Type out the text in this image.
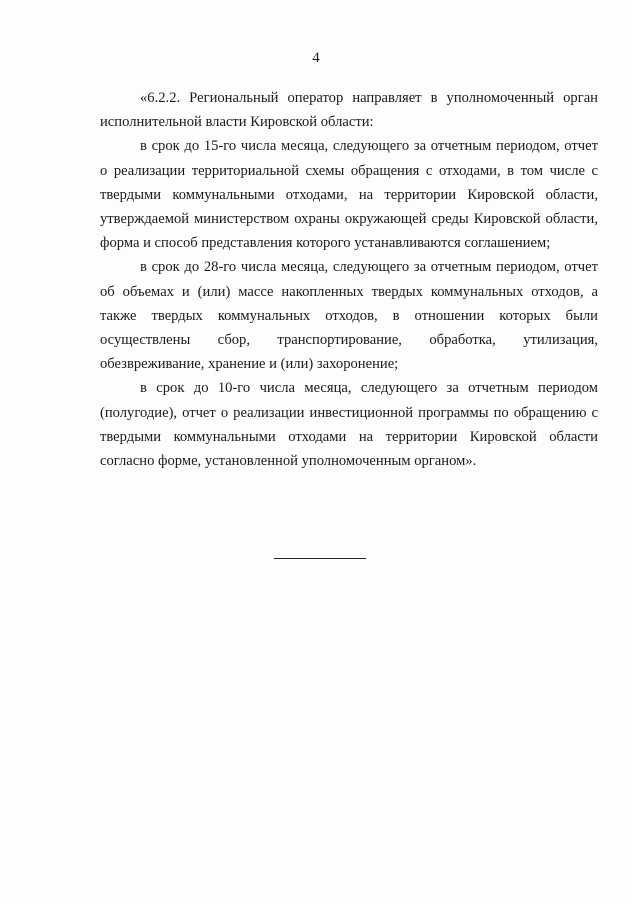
4

«6.2.2. Региональный оператор направляет в уполномоченный орган исполнительной власти Кировской области:

в срок до 15-го числа месяца, следующего за отчетным периодом, отчет о реализации территориальной схемы обращения с отходами, в том числе с твердыми коммунальными отходами, на территории Кировской области, утверждаемой министерством охраны окружающей среды Кировской области, форма и способ представления которого устанавливаются соглашением;

в срок до 28-го числа месяца, следующего за отчетным периодом, отчет об объемах и (или) массе накопленных твердых коммунальных отходов, а также твердых коммунальных отходов, в отношении которых были осуществлены сбор, транспортирование, обработка, утилизация, обезвреживание, хранение и (или) захоронение;

в срок до 10-го числа месяца, следующего за отчетным периодом (полугодие), отчет о реализации инвестиционной программы по обращению с твердыми коммунальными отходами на территории Кировской области согласно форме, установленной уполномоченным органом».
